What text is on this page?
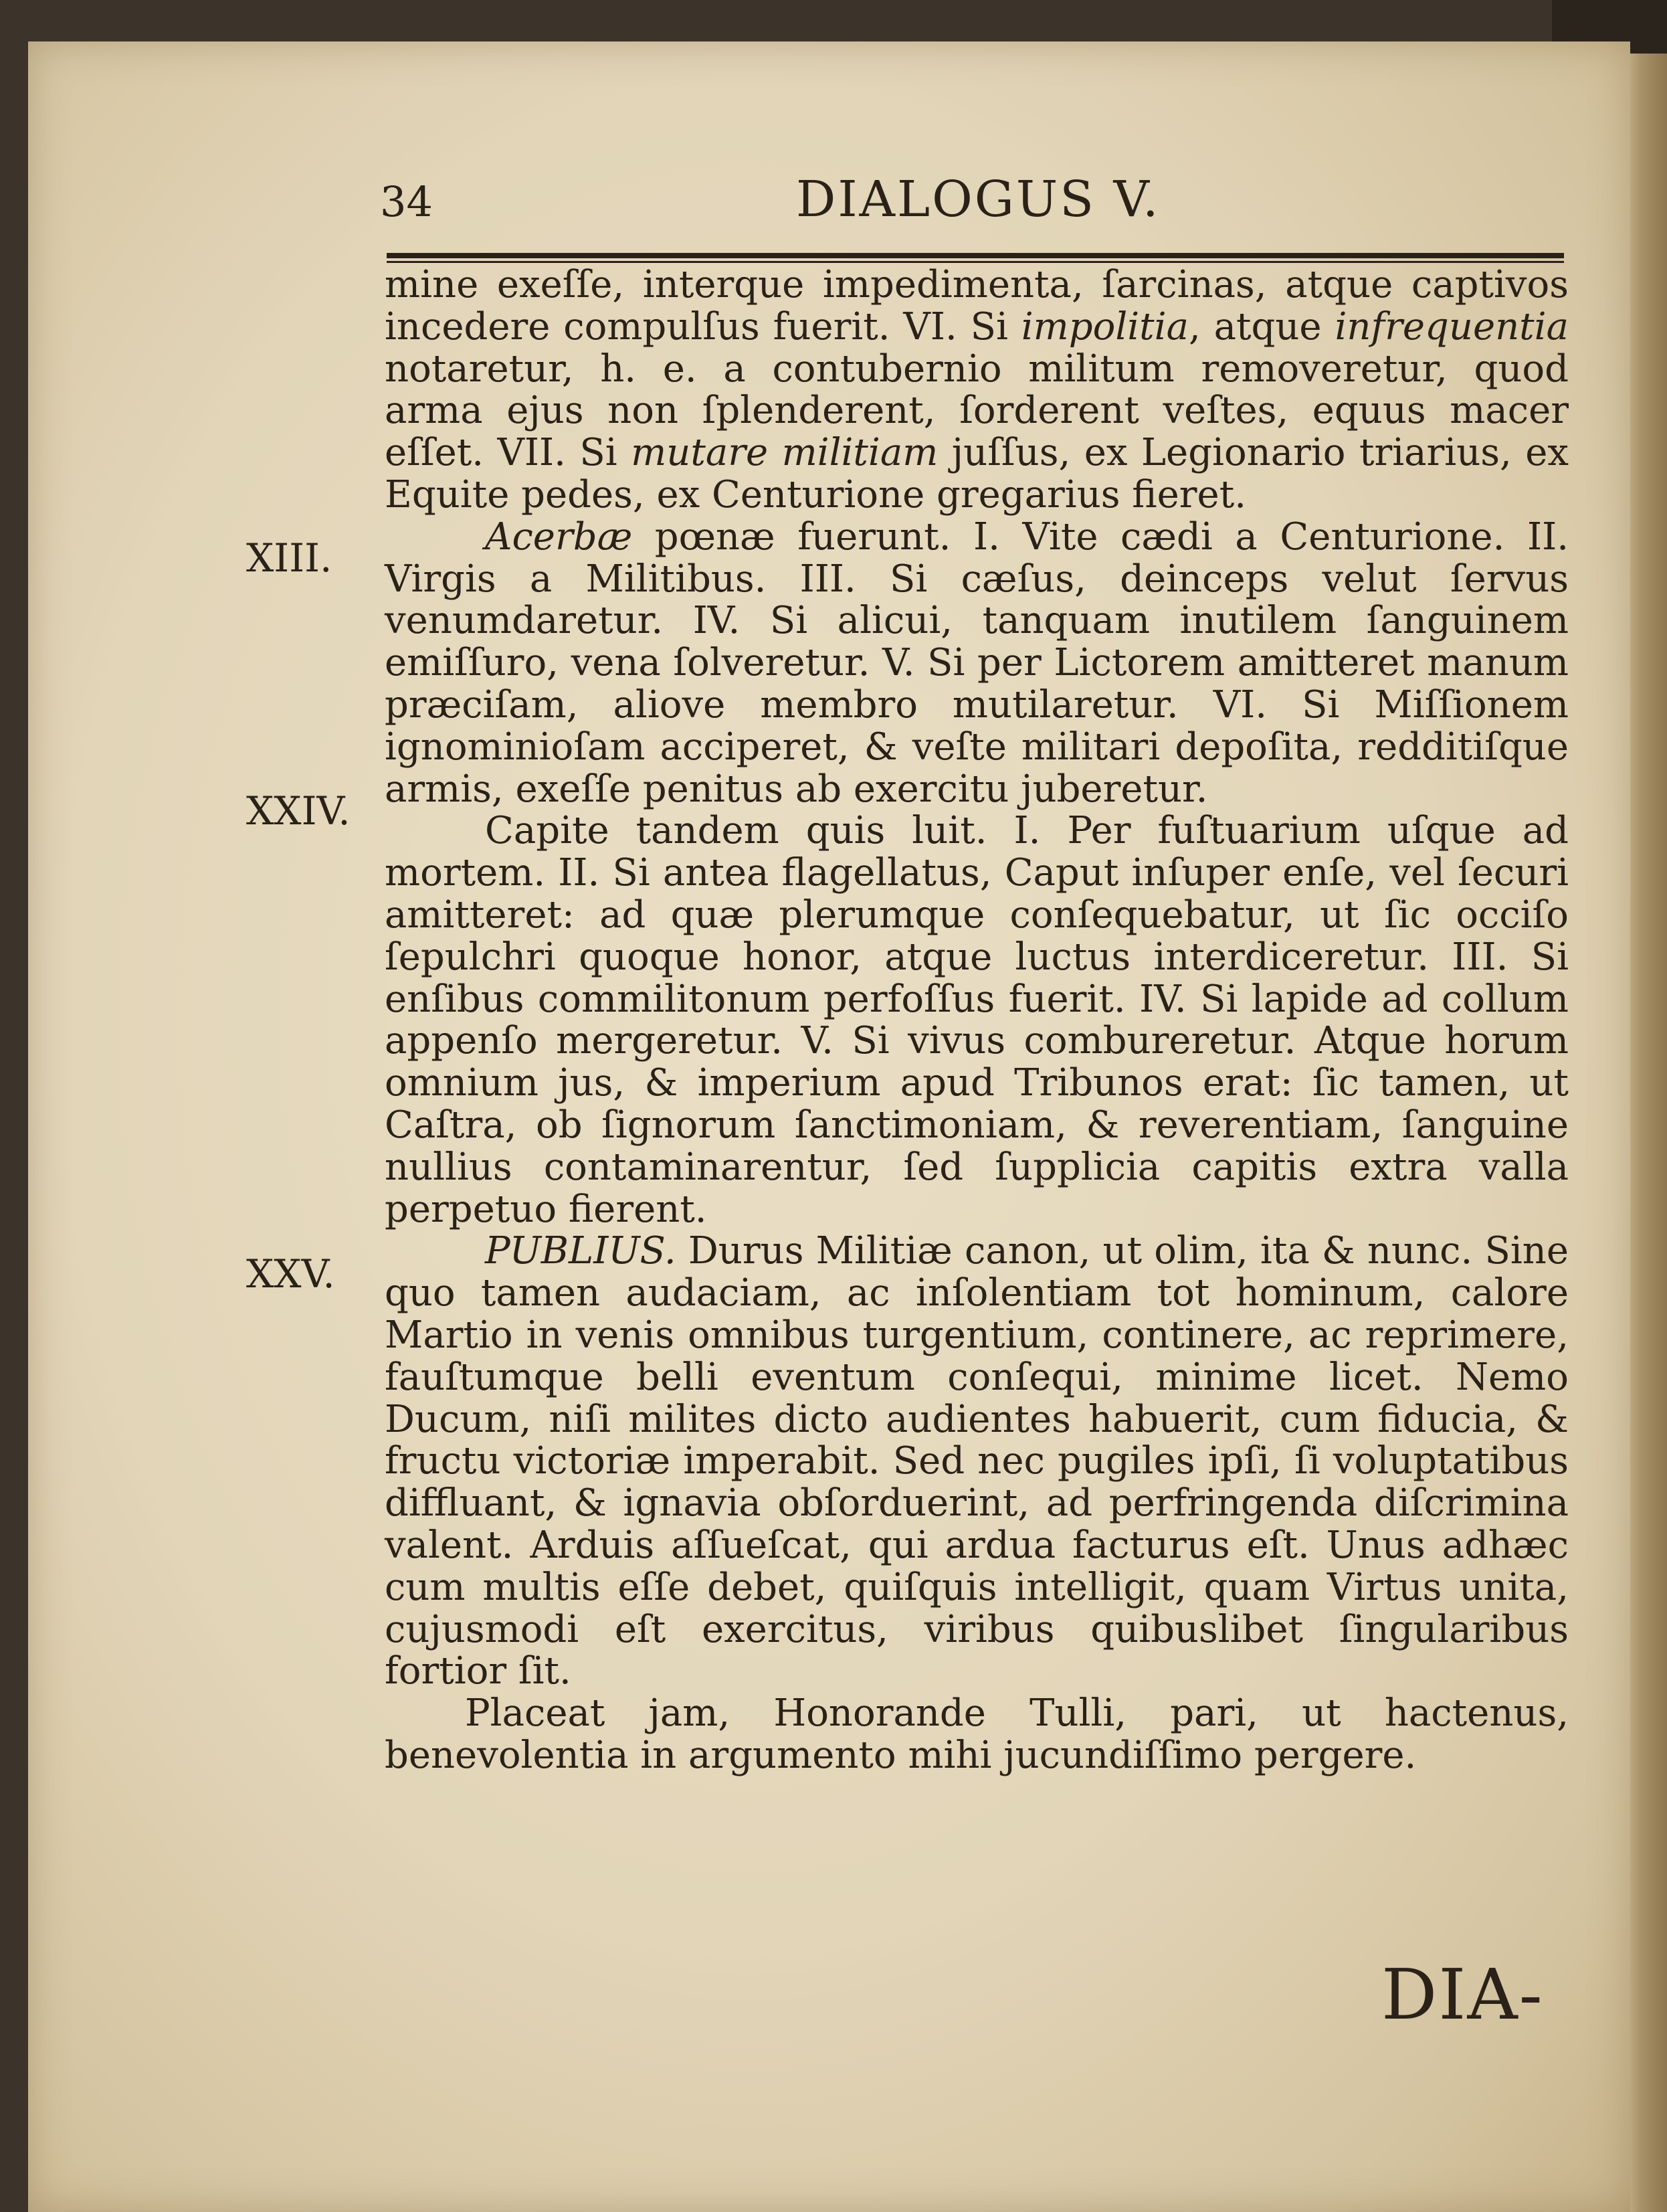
34	DIALOGUS V.
XIII.
XXIV.
XXV.

mine exeſſe, interque impedimenta, ſarcinas, atque captivos incedere compulſus fuerit. VI. Si impolitia, atque infrequentia notaretur, h. e. a contubernio militum removeretur, quod arma ejus non ſplenderent, ſorderent veſtes, equus macer eſſet. VII. Si mutare militiam juſſus, ex Legionario triarius, ex Equite pedes, ex Centurione gregarius fieret.

Acerbæ pœnæ fuerunt. I. Vite cædi a Centurione. II. Virgis a Militibus. III. Si cæſus, deinceps velut ſervus venumdaretur. IV. Si alicui, tanquam inutilem ſanguinem emiſſuro, vena ſolveretur. V. Si per Lictorem amitteret manum præciſam, aliove membro mutilaretur. VI. Si Miſſionem ignominioſam acciperet, & veſte militari depoſita, redditiſque armis, exeſſe penitus ab exercitu juberetur.

Capite tandem quis luit. I. Per fuſtuarium uſque ad mortem. II. Si antea flagellatus, Caput inſuper enſe, vel ſecuri amitteret: ad quæ plerumque conſequebatur, ut ſic occiſo ſepulchri quoque honor, atque luctus interdiceretur. III. Si enſibus commilitonum perfoſſus fuerit. IV. Si lapide ad collum appenſo mergeretur. V. Si vivus combureretur. Atque horum omnium jus, & imperium apud Tribunos erat: ſic tamen, ut Caſtra, ob ſignorum ſanctimoniam, & reverentiam, ſanguine nullius contaminarentur, ſed ſupplicia capitis extra valla perpetuo fierent.

PUBLIUS. Durus Militiæ canon, ut olim, ita & nunc. Sine quo tamen audaciam, ac inſolentiam tot hominum, calore Martio in venis omnibus turgentium, continere, ac reprimere, fauſtumque belli eventum conſequi, minime licet. Nemo Ducum, niſi milites dicto audientes habuerit, cum fiducia, & fructu victoriæ imperabit. Sed nec pugiles ipſi, ſi voluptatibus diffluant, & ignavia obſorduerint, ad perfringenda diſcrimina valent. Arduis aſſueſcat, qui ardua facturus eſt. Unus adhæc cum multis eſſe debet, quiſquis intelligit, quam Virtus unita, cujusmodi eſt exercitus, viribus quibuslibet ſingularibus fortior ſit.

Placeat jam, Honorande Tulli, pari, ut hactenus, benevolentia in argumento mihi jucundiſſimo pergere.

DIA-
